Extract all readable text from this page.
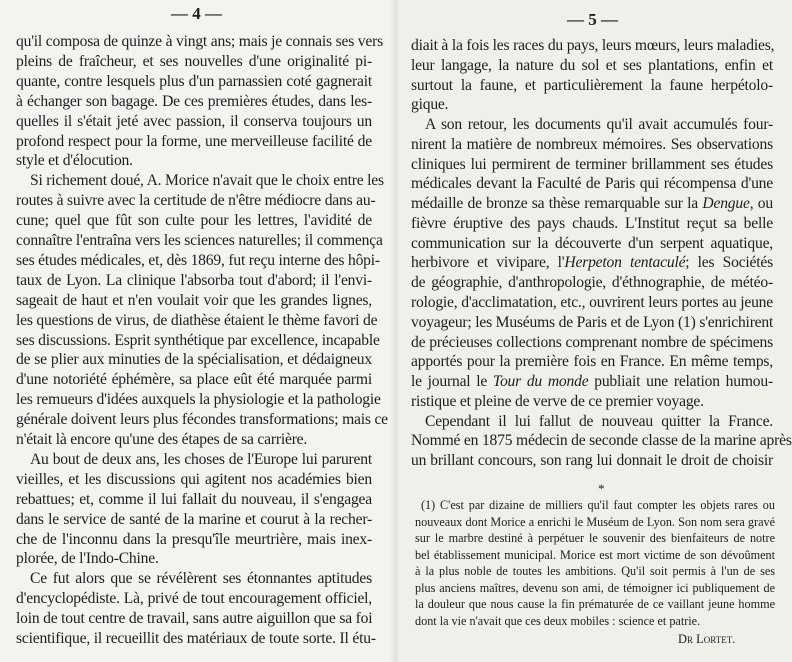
— 4 —
qu'il composa de quinze à vingt ans; mais je connais ses vers
pleins de fraîcheur, et ses nouvelles d'une originalité pi-
quante, contre lesquels plus d'un parnassien coté gagnerait
à échanger son bagage. De ces premières études, dans les-
quelles il s'était jeté avec passion, il conserva toujours un
profond respect pour la forme, une merveilleuse facilité de
style et d'élocution.
Si richement doué, A. Morice n'avait que le choix entre les
routes à suivre avec la certitude de n'être médiocre dans au-
cune; quel que fût son culte pour les lettres, l'avidité de
connaître l'entraîna vers les sciences naturelles; il commença
ses études médicales, et, dès 1869, fut reçu interne des hôpi-
taux de Lyon. La clinique l'absorba tout d'abord; il l'envi-
sageait de haut et n'en voulait voir que les grandes lignes,
les questions de virus, de diathèse étaient le thème favori de
ses discussions. Esprit synthétique par excellence, incapable
de se plier aux minuties de la spécialisation, et dédaigneux
d'une notoriété éphémère, sa place eût été marquée parmi
les remueurs d'idées auxquels la physiologie et la pathologie
générale doivent leurs plus fécondes transformations; mais ce
n'était là encore qu'une des étapes de sa carrière.
Au bout de deux ans, les choses de l'Europe lui parurent
vieilles, et les discussions qui agitent nos académies bien
rebattues; et, comme il lui fallait du nouveau, il s'engagea
dans le service de santé de la marine et courut à la recher-
che de l'inconnu dans la presqu'île meurtrière, mais inex-
plorée, de l'Indo-Chine.
Ce fut alors que se révélèrent ses étonnantes aptitudes
d'encyclopédiste. Là, privé de tout encouragement officiel,
loin de tout centre de travail, sans autre aiguillon que sa foi
scientifique, il recueillit des matériaux de toute sorte. Il étu-
— 5 —
diait à la fois les races du pays, leurs mœurs, leurs maladies,
leur langage, la nature du sol et ses plantations, enfin et
surtout la faune, et particulièrement la faune herpétolo-
gique.
A son retour, les documents qu'il avait accumulés four-
nirent la matière de nombreux mémoires. Ses observations
cliniques lui permirent de terminer brillamment ses études
médicales devant la Faculté de Paris qui récompensa d'une
médaille de bronze sa thèse remarquable sur la Dengue, ou
fièvre éruptive des pays chauds. L'Institut reçut sa belle
communication sur la découverte d'un serpent aquatique,
herbivore et vivipare, l'Herpeton tentaculé; les Sociétés
de géographie, d'anthropologie, d'éthnographie, de météo-
rologie, d'acclimatation, etc., ouvrirent leurs portes au jeune
voyageur; les Muséums de Paris et de Lyon (1) s'enrichirent
de précieuses collections comprenant nombre de spécimens
apportés pour la première fois en France. En même temps,
le journal le Tour du monde publiait une relation humou-
ristique et pleine de verve de ce premier voyage.
Cependant il lui fallut de nouveau quitter la France.
Nommé en 1875 médecin de seconde classe de la marine après
un brillant concours, son rang lui donnait le droit de choisir
*
(1) C'est par dizaine de milliers qu'il faut compter les objets rares ou
nouveaux dont Morice a enrichi le Muséum de Lyon. Son nom sera gravé
sur le marbre destiné à perpétuer le souvenir des bienfaiteurs de notre
bel établissement municipal. Morice est mort victime de son dévoûment
à la plus noble de toutes les ambitions. Qu'il soit permis à l'un de ses
plus anciens maîtres, devenu son ami, de témoigner ici publiquement de
la douleur que nous cause la fin prématurée de ce vaillant jeune homme
dont la vie n'avait que ces deux mobiles : science et patrie.
Dr Lortet.
